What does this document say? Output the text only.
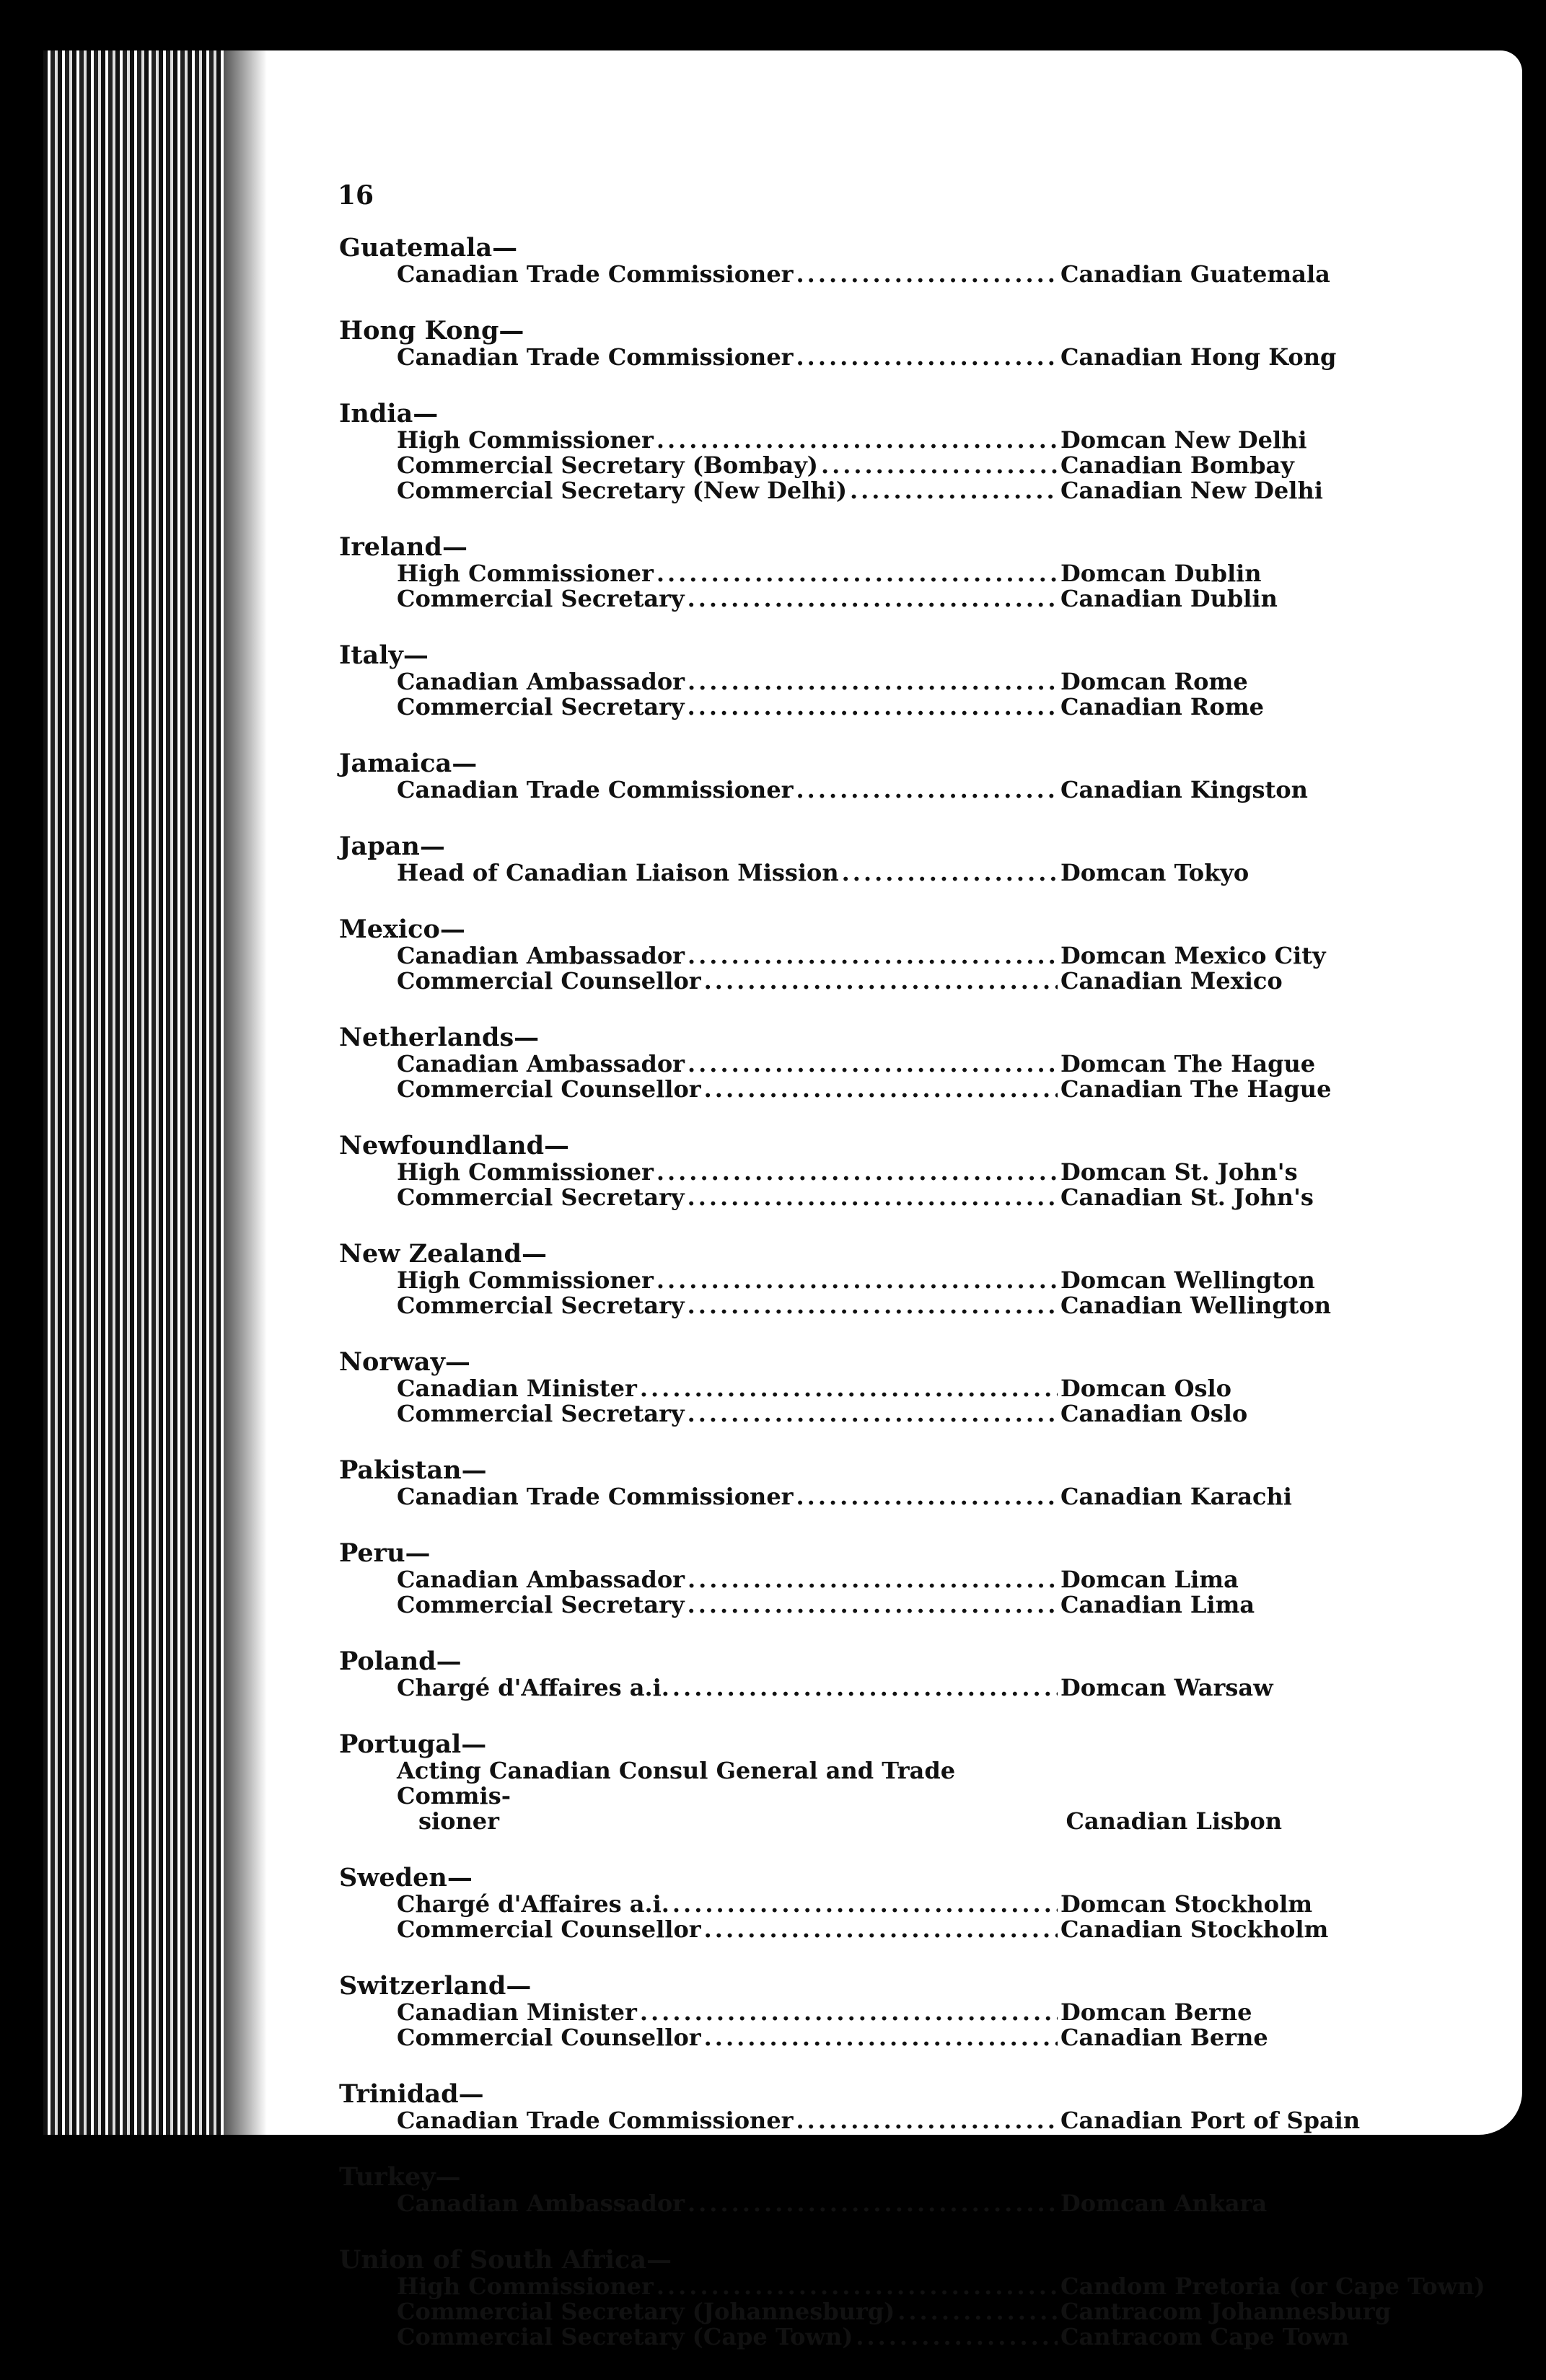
16
Guatemala—
Canadian Trade Commissioner .....	Canadian Guatemala
Hong Kong—
Canadian Trade Commissioner .....	Canadian Hong Kong
India—
High Commissioner .....	Domcan New Delhi
Commercial Secretary (Bombay) .....	Canadian Bombay
Commercial Secretary (New Delhi) .....	Canadian New Delhi
Ireland—
High Commissioner .....	Domcan Dublin
Commercial Secretary .....	Canadian Dublin
Italy—
Canadian Ambassador .....	Domcan Rome
Commercial Secretary .....	Canadian Rome
Jamaica—
Canadian Trade Commissioner .....	Canadian Kingston
Japan—
Head of Canadian Liaison Mission .....	Domcan Tokyo
Mexico—
Canadian Ambassador .....	Domcan Mexico City
Commercial Counsellor .....	Canadian Mexico
Netherlands—
Canadian Ambassador .....	Domcan The Hague
Commercial Counsellor .....	Canadian The Hague
Newfoundland—
High Commissioner .....	Domcan St. John's
Commercial Secretary .....	Canadian St. John's
New Zealand—
High Commissioner .....	Domcan Wellington
Commercial Secretary .....	Canadian Wellington
Norway—
Canadian Minister .....	Domcan Oslo
Commercial Secretary .....	Canadian Oslo
Pakistan—
Canadian Trade Commissioner .....	Canadian Karachi
Peru—
Canadian Ambassador .....	Domcan Lima
Commercial Secretary .....	Canadian Lima
Poland—
Chargé d'Affaires a.i. .....	Domcan Warsaw
Portugal—
Acting Canadian Consul General and Trade Commis-
sioner	Canadian Lisbon
Sweden—
Chargé d'Affaires a.i. .....	Domcan Stockholm
Commercial Counsellor .....	Canadian Stockholm
Switzerland—
Canadian Minister .....	Domcan Berne
Commercial Counsellor .....	Canadian Berne
Trinidad—
Canadian Trade Commissioner .....	Canadian Port of Spain
Turkey—
Canadian Ambassador .....	Domcan Ankara
Union of South Africa—
High Commissioner .....	Candom Pretoria (or Cape Town)
Commercial Secretary (Johannesburg) .....	Cantracom Johannesburg
Commercial Secretary (Cape Town) .....	Cantracom Cape Town
